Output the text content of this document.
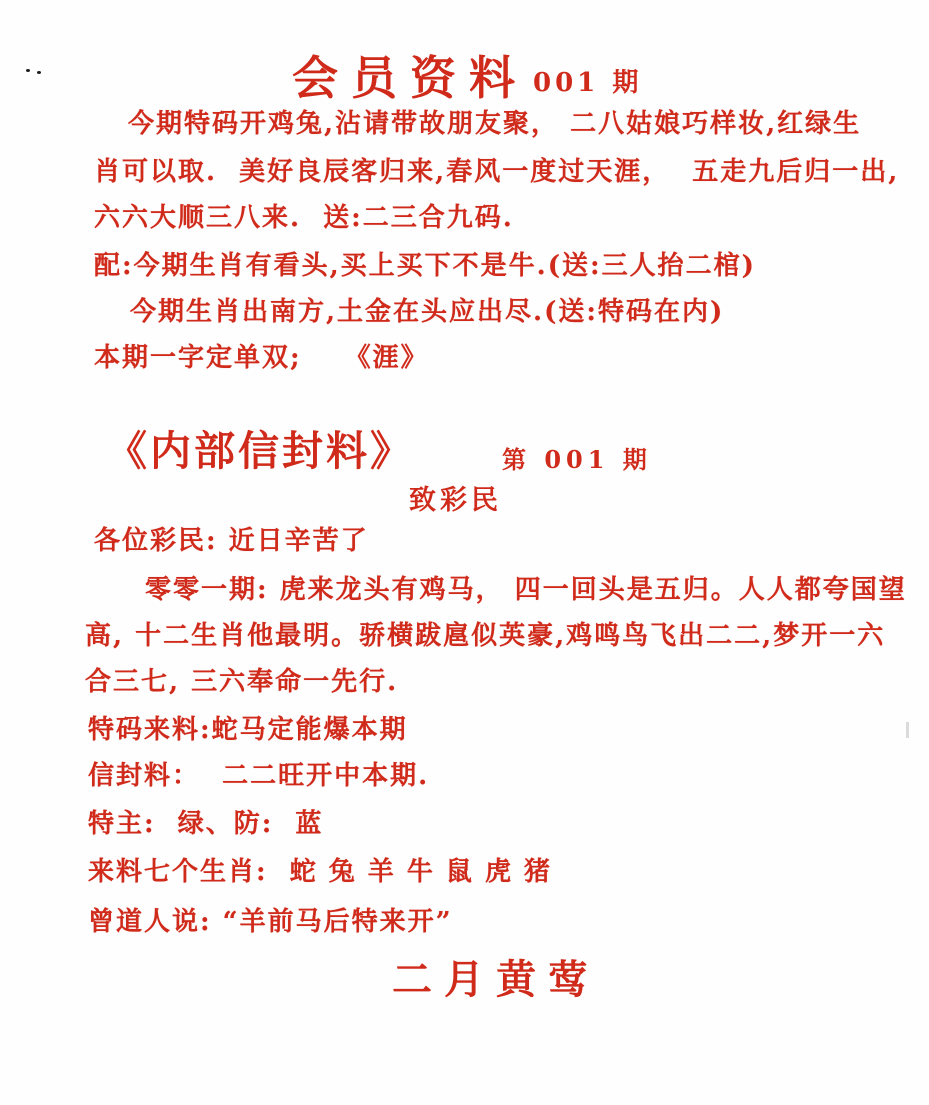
会员资料 001 期
今期特码开鸡兔,沾请带故朋友聚， 二八姑娘巧样妆,红绿生
肖可以取.  美好良辰客归来,春风一度过天涯，  五走九后归一出,
六六大顺三八来.  送:二三合九码.
配:今期生肖有看头,买上买下不是牛.(送:三人抬二棺)
今期生肖出南方,土金在头应出尽.(送:特码在内)
本期一字定单双;　　《涯》
《内部信封料》	第 001 期
致彩民
各位彩民: 近日辛苦了
零零一期: 虎来龙头有鸡马， 四一回头是五归。人人都夸国望
高, 十二生肖他最明。骄横跋扈似英豪,鸡鸣鸟飞出二二,梦开一六
合三七, 三六奉命一先行.
特码来料:蛇马定能爆本期
信封料：  二二旺开中本期.
特主:  绿、防:  蓝
来料七个生肖:  蛇 兔 羊 牛 鼠 虎 猪
曾道人说: “羊前马后特来开”
二月黄莺
